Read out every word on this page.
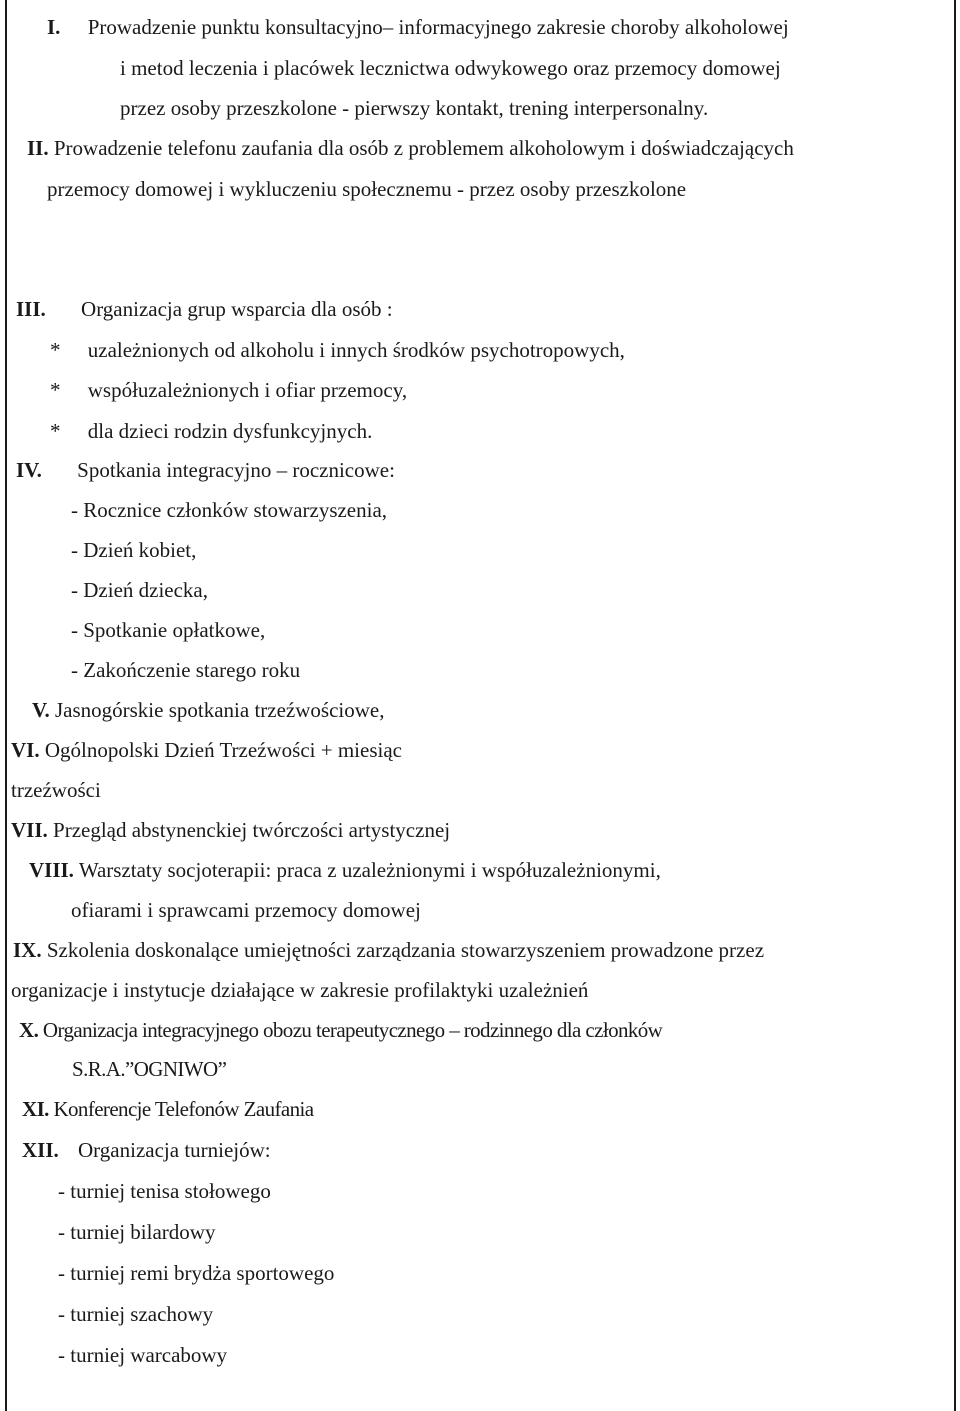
I. Prowadzenie punktu konsultacyjno– informacyjnego zakresie choroby alkoholowej
i metod leczenia i placówek lecznictwa odwykowego oraz przemocy domowej
przez osoby przeszkolone - pierwszy kontakt, trening interpersonalny.
II. Prowadzenie telefonu zaufania dla osób z problemem alkoholowym i doświadczających
przemocy domowej i wykluczeniu społecznemu - przez osoby przeszkolone
III. Organizacja grup wsparcia dla osób :
* uzależnionych od alkoholu i innych środków psychotropowych,
* współuzależnionych i ofiar przemocy,
* dla dzieci rodzin dysfunkcyjnych.
IV. Spotkania integracyjno – rocznicowe:
- Rocznice członków stowarzyszenia,
- Dzień kobiet,
- Dzień dziecka,
- Spotkanie opłatkowe,
- Zakończenie starego roku
V. Jasnogórskie spotkania trzeźwościowe,
VI. Ogólnopolski Dzień Trzeźwości + miesiąc
trzeźwości
VII. Przegląd abstynenckiej twórczości artystycznej
VIII. Warsztaty socjoterapii: praca z uzależnionymi i współuzależnionymi,
ofiarami i sprawcami przemocy domowej
IX. Szkolenia doskonalące umiejętności zarządzania stowarzyszeniem prowadzone przez
organizacje i instytucje działające w zakresie profilaktyki uzależnień
X. Organizacja integracyjnego obozu terapeutycznego – rodzinnego dla członków
S.R.A.”OGNIWO”
XI. Konferencje Telefonów Zaufania
XII. Organizacja turniejów:
- turniej tenisa stołowego
- turniej bilardowy
- turniej remi brydża sportowego
- turniej szachowy
- turniej warcabowy
